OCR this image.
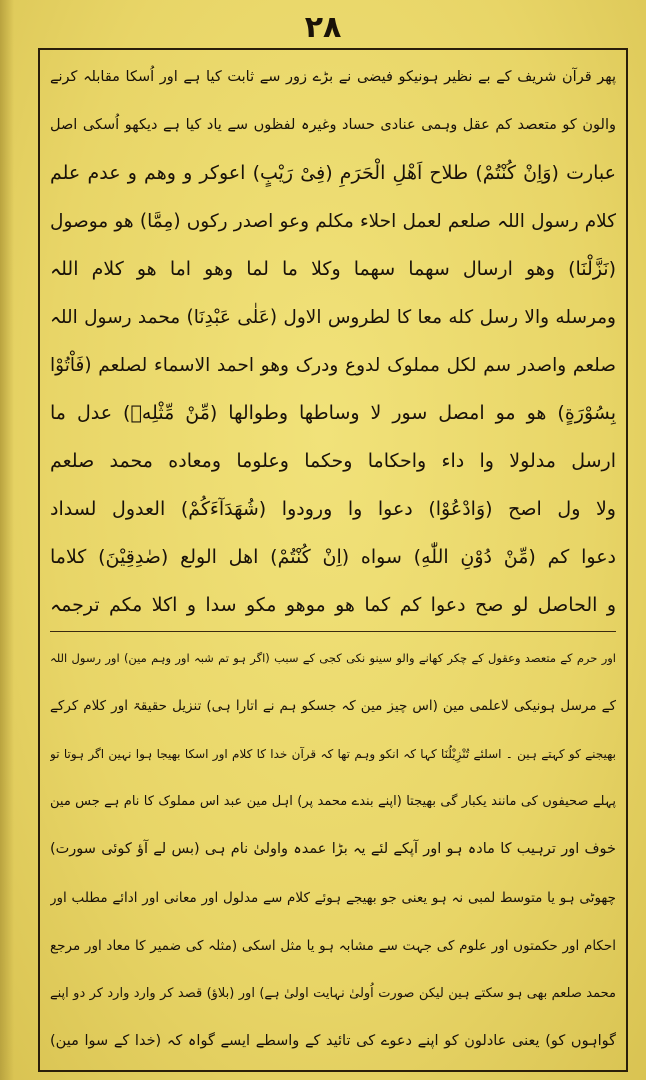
۲۸
پھر قرآن شریف کے بے نظیر ہونیکو فیضی نے بڑے زور سے ثابت کیا ہے اور اُسکا مقابلہ کرنے
والون کو متعصد کم عقل وہمی عنادی حساد وغیرہ لفظوں سے یاد کیا ہے دیکھو اُسکی اصل
عبارت (وَاِنْ کُنْتُمْ) طلاح اَهْلِ الْحَرَمِ (فِیْ رَیْبٍ) اعوکر و وهم و عدم علم
کلام رسول اللہ صلعم لعمل احلاء مکلم وعو اصدر رکوں (مِمَّا) هو موصول
(نَزَّلْنَا) وهو ارسال سهما سهما وکلا ما لما وهو اما هو کلام اللہ
ومرسله والا رسل کله معا کا لطروس الاول (عَلٰی عَبْدِنَا) محمد رسول اللہ
صلعم واصدر سم لکل مملوک لدوع ودرک وهو احمد الاسماء لصلعم (فَاْتُوْا
بِسُوْرَةٍ) هو مو امصل سور لا وساطها وطوالها (مِّنْ مِّثْلِهٖ) عدل ما
ارسل مدلولا وا داء واحکاما وحکما وعلوما ومعاده محمد صلعم
ولا ول اصح (وَادْعُوْا) دعوا وا ورودوا (شُهَدَآءَكُمْ) العدول لسداد
دعوا کم (مِّنْ دُوْنِ اللّٰهِ) سواه (اِنْ کُنْتُمْ) اهل الولع (صٰدِقِیْنَ) کلاما
و الحاصل لو صح دعوا کم کما هو موهو مکو سدا و اکلا مکم ترجمہ
اور حرم کے متعصد وعقول کے چکر کھانے والو سینو نکی کجی کے سبب (اگر ہو تم شبہ اور وہم مین) اور رسول اللہ
کے مرسل ہونیکی لاعلمی مین (اس چیز مین کہ جسکو ہم نے اتارا ہی) تنزیل حقیقۃ اور کلام کرکے
بھیجنے کو کہتے ہین ۔ اسلئے تُنْزِیْلُنَا کہا کہ انکو وہم تھا کہ قرآن خدا کا کلام اور اسکا بھیجا ہوا نہین اگر ہوتا تو
پہلے صحیفوں کی مانند یکبار گی بھیجتا (اپنے بندے محمد پر) اہل مین عبد اس مملوک کا نام ہے جس مین
خوف اور ترہیب کا مادہ ہو اور آپکے لئے یہ بڑا عمدہ واولیٰ نام ہی (بس لے آؤ کوئی سورت)
چھوٹی ہو یا متوسط لمبی نہ ہو یعنی جو بھیجے ہوئے کلام سے مدلول اور معانی اور ادائے مطلب اور
احکام اور حکمتوں اور علوم کی جہت سے مشابہ ہو یا مثل اسکی (مثلہ کی ضمیر کا معاد اور مرجع
محمد صلعم بھی ہو سکتے ہین لیکن صورت اُولیٰ نہایت اولیٰ ہے) اور (بلاؤ) قصد کر وارد وارد کر دو اپنے
گواہوں کو) یعنی عادلون کو اپنے دعوے کی تائید کے واسطے ایسے گواہ کہ (خدا کے سوا مین)
